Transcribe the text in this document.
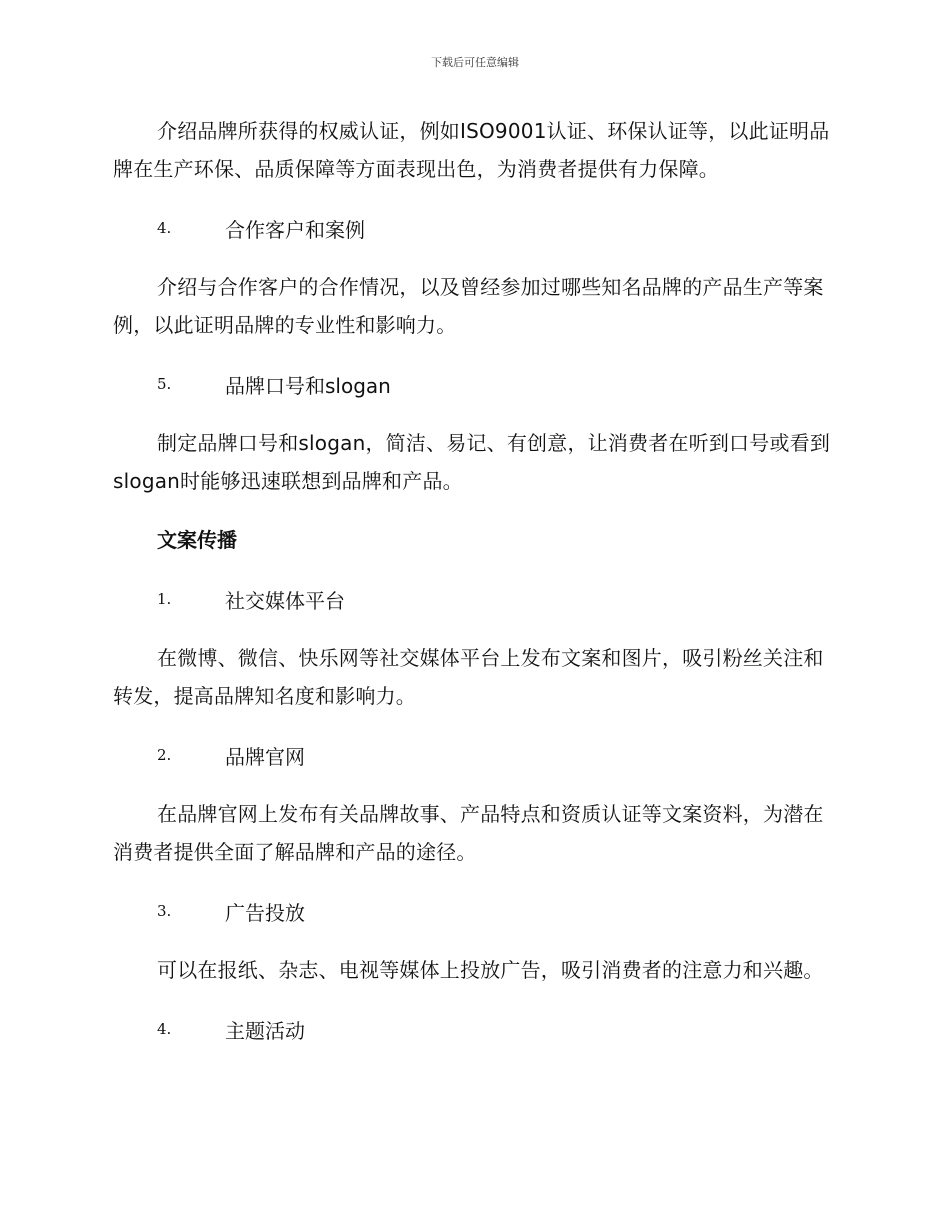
下载后可任意编辑

介绍品牌所获得的权威认证，例如ISO9001认证、环保认证等，以此证明品牌在生产环保、品质保障等方面表现出色，为消费者提供有力保障。

4.	合作客户和案例

介绍与合作客户的合作情况，以及曾经参加过哪些知名品牌的产品生产等案例，以此证明品牌的专业性和影响力。

5.	品牌口号和slogan

制定品牌口号和slogan，简洁、易记、有创意，让消费者在听到口号或看到slogan时能够迅速联想到品牌和产品。

文案传播

1.	社交媒体平台

在微博、微信、快乐网等社交媒体平台上发布文案和图片，吸引粉丝关注和转发，提高品牌知名度和影响力。

2.	品牌官网

在品牌官网上发布有关品牌故事、产品特点和资质认证等文案资料，为潜在消费者提供全面了解品牌和产品的途径。

3.	广告投放

可以在报纸、杂志、电视等媒体上投放广告，吸引消费者的注意力和兴趣。

4.	主题活动
